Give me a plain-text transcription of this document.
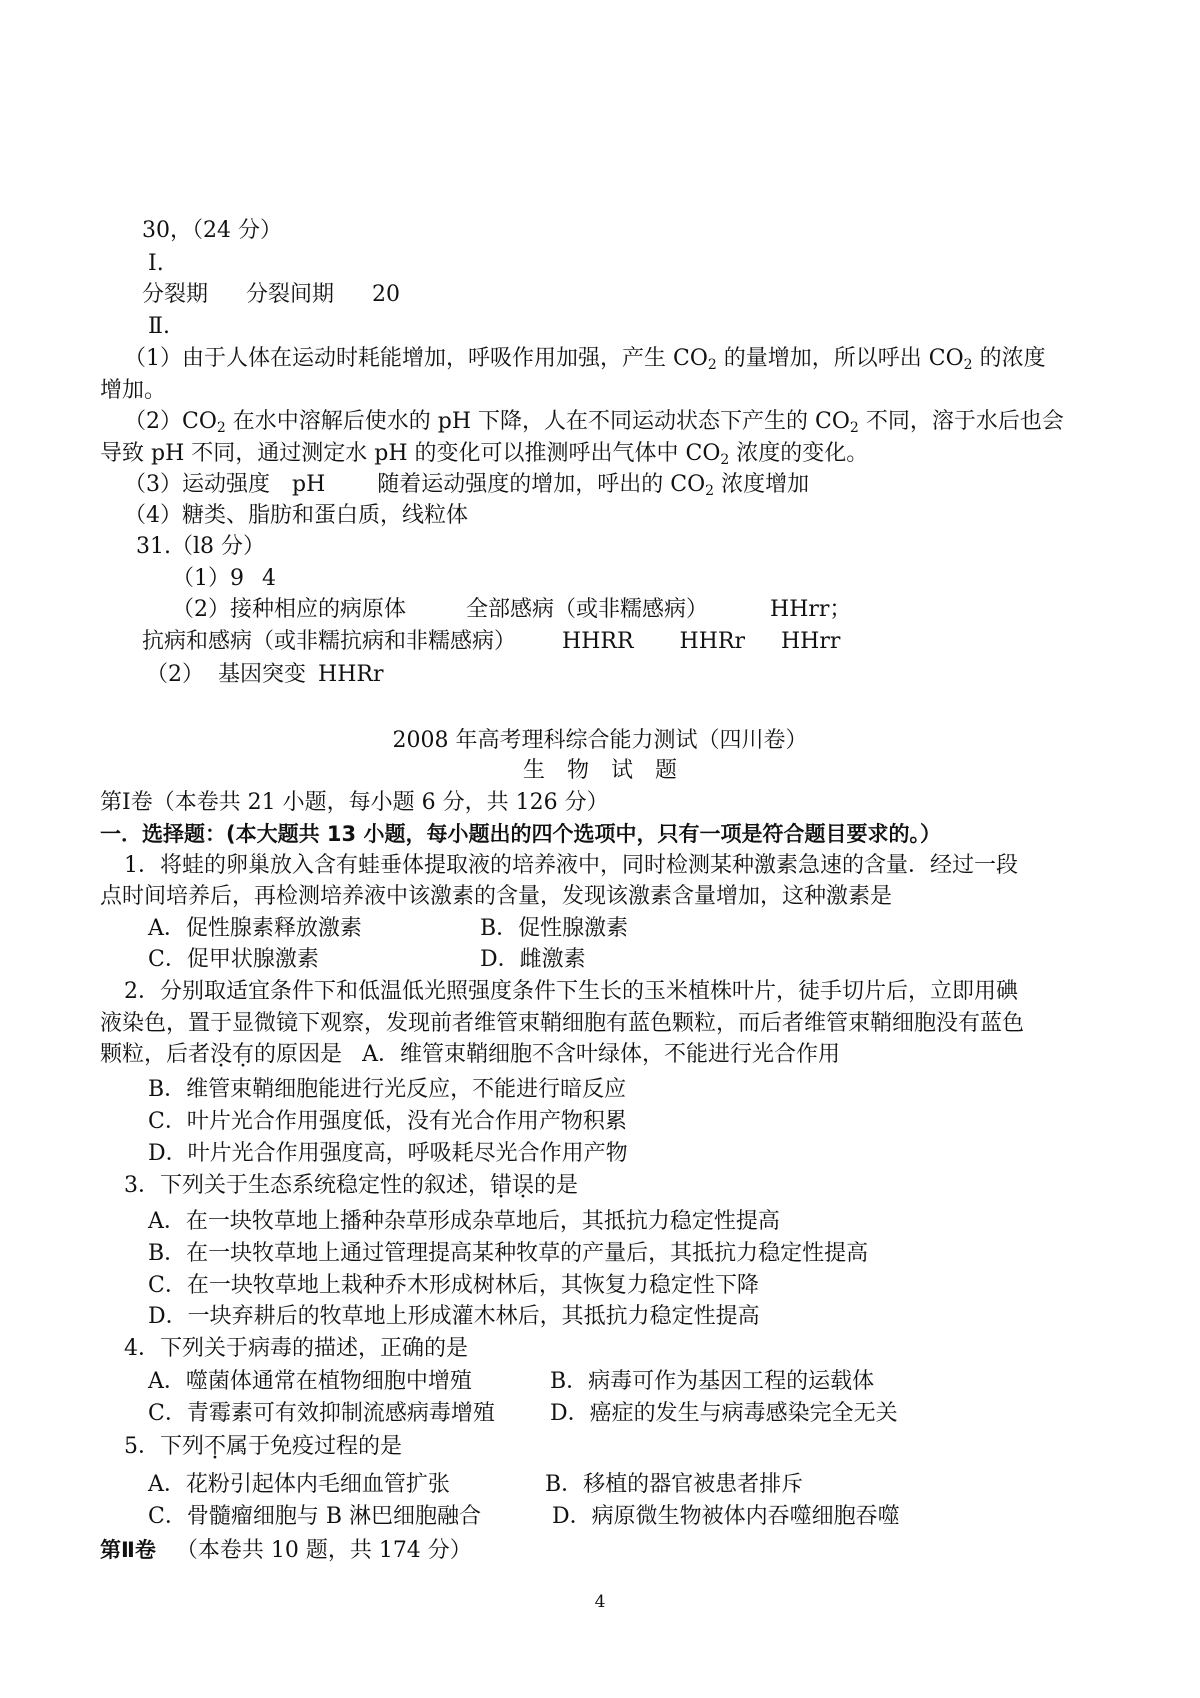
30，（24 分）
Ⅰ.
分裂期 分裂间期 20
Ⅱ.
（1）由于人体在运动时耗能增加，呼吸作用加强，产生 $CO_2$ 的量增加，所以呼出 $CO_2$ 的浓度
增加。
$(2)CO_2$ 在水中溶解后使水的 pH 下降，人在不同运动状态下产生的 $CO_2$ 不同，溶于水后也会
导致 pH 不同，通过测定水 pH 的变化可以推测呼出气体中 $CO_2$ 浓度的变化。
（3）运动强度 pH 随着运动强度的增加，呼出的 $CO_2$ 浓度增加
（4）糖类、脂肪和蛋白质，线粒体
31.（l8 分）
（1）9 4
（2）接种相应的病原体	全部感病（或非糯感病）	HHrr；
抗病和感病（或非糯抗病和非糯感病） HHRR HHRr HHrr
（2） 基因突变 HHRr
2008 年高考理科综合能力测试（四川卷）
生　物　试　题
第Ⅰ卷（本卷共 21 小题，每小题 6 分，共 126 分）
一．选择题：(本大题共 13 小题，每小题出的四个选项中，只有一项是符合题目要求的。）
1．将蛙的卵巢放入含有蛙垂体提取液的培养液中，同时检测某种激素急速的含量．经过一段
点时间培养后，再检测培养液中该激素的含量，发现该激素含量增加，这种激素是
A．促性腺素释放激素	B．促性腺激素
C．促甲状腺激素	D．雌激素
2．分别取适宜条件下和低温低光照强度条件下生长的玉米植株叶片，徒手切片后，立即用碘
液染色，置于显微镜下观察，发现前者维管束鞘细胞有蓝色颗粒，而后者维管束鞘细胞没有蓝色
颗粒，后者没有的原因是 A．维管束鞘细胞不含叶绿体，不能进行光合作用
B．维管束鞘细胞能进行光反应，不能进行暗反应
C．叶片光合作用强度低，没有光合作用产物积累
D．叶片光合作用强度高，呼吸耗尽光合作用产物
3．下列关于生态系统稳定性的叙述，错误的是
A．在一块牧草地上播种杂草形成杂草地后，其抵抗力稳定性提高
B．在一块牧草地上通过管理提高某种牧草的产量后，其抵抗力稳定性提高
C．在一块牧草地上栽种乔木形成树林后，其恢复力稳定性下降
D．一块弃耕后的牧草地上形成灌木林后，其抵抗力稳定性提高
4．下列关于病毒的描述，正确的是
A．噬菌体通常在植物细胞中增殖	B．病毒可作为基因工程的运载体
C．青霉素可有效抑制流感病毒增殖	D．癌症的发生与病毒感染完全无关
5．下列不属于免疫过程的是
A．花粉引起体内毛细血管扩张	B．移植的器官被患者排斥
C．骨髓瘤细胞与 B 淋巴细胞融合	D．病原微生物被体内吞噬细胞吞噬
第Ⅱ卷 （本卷共 10 题，共 174 分）
4
